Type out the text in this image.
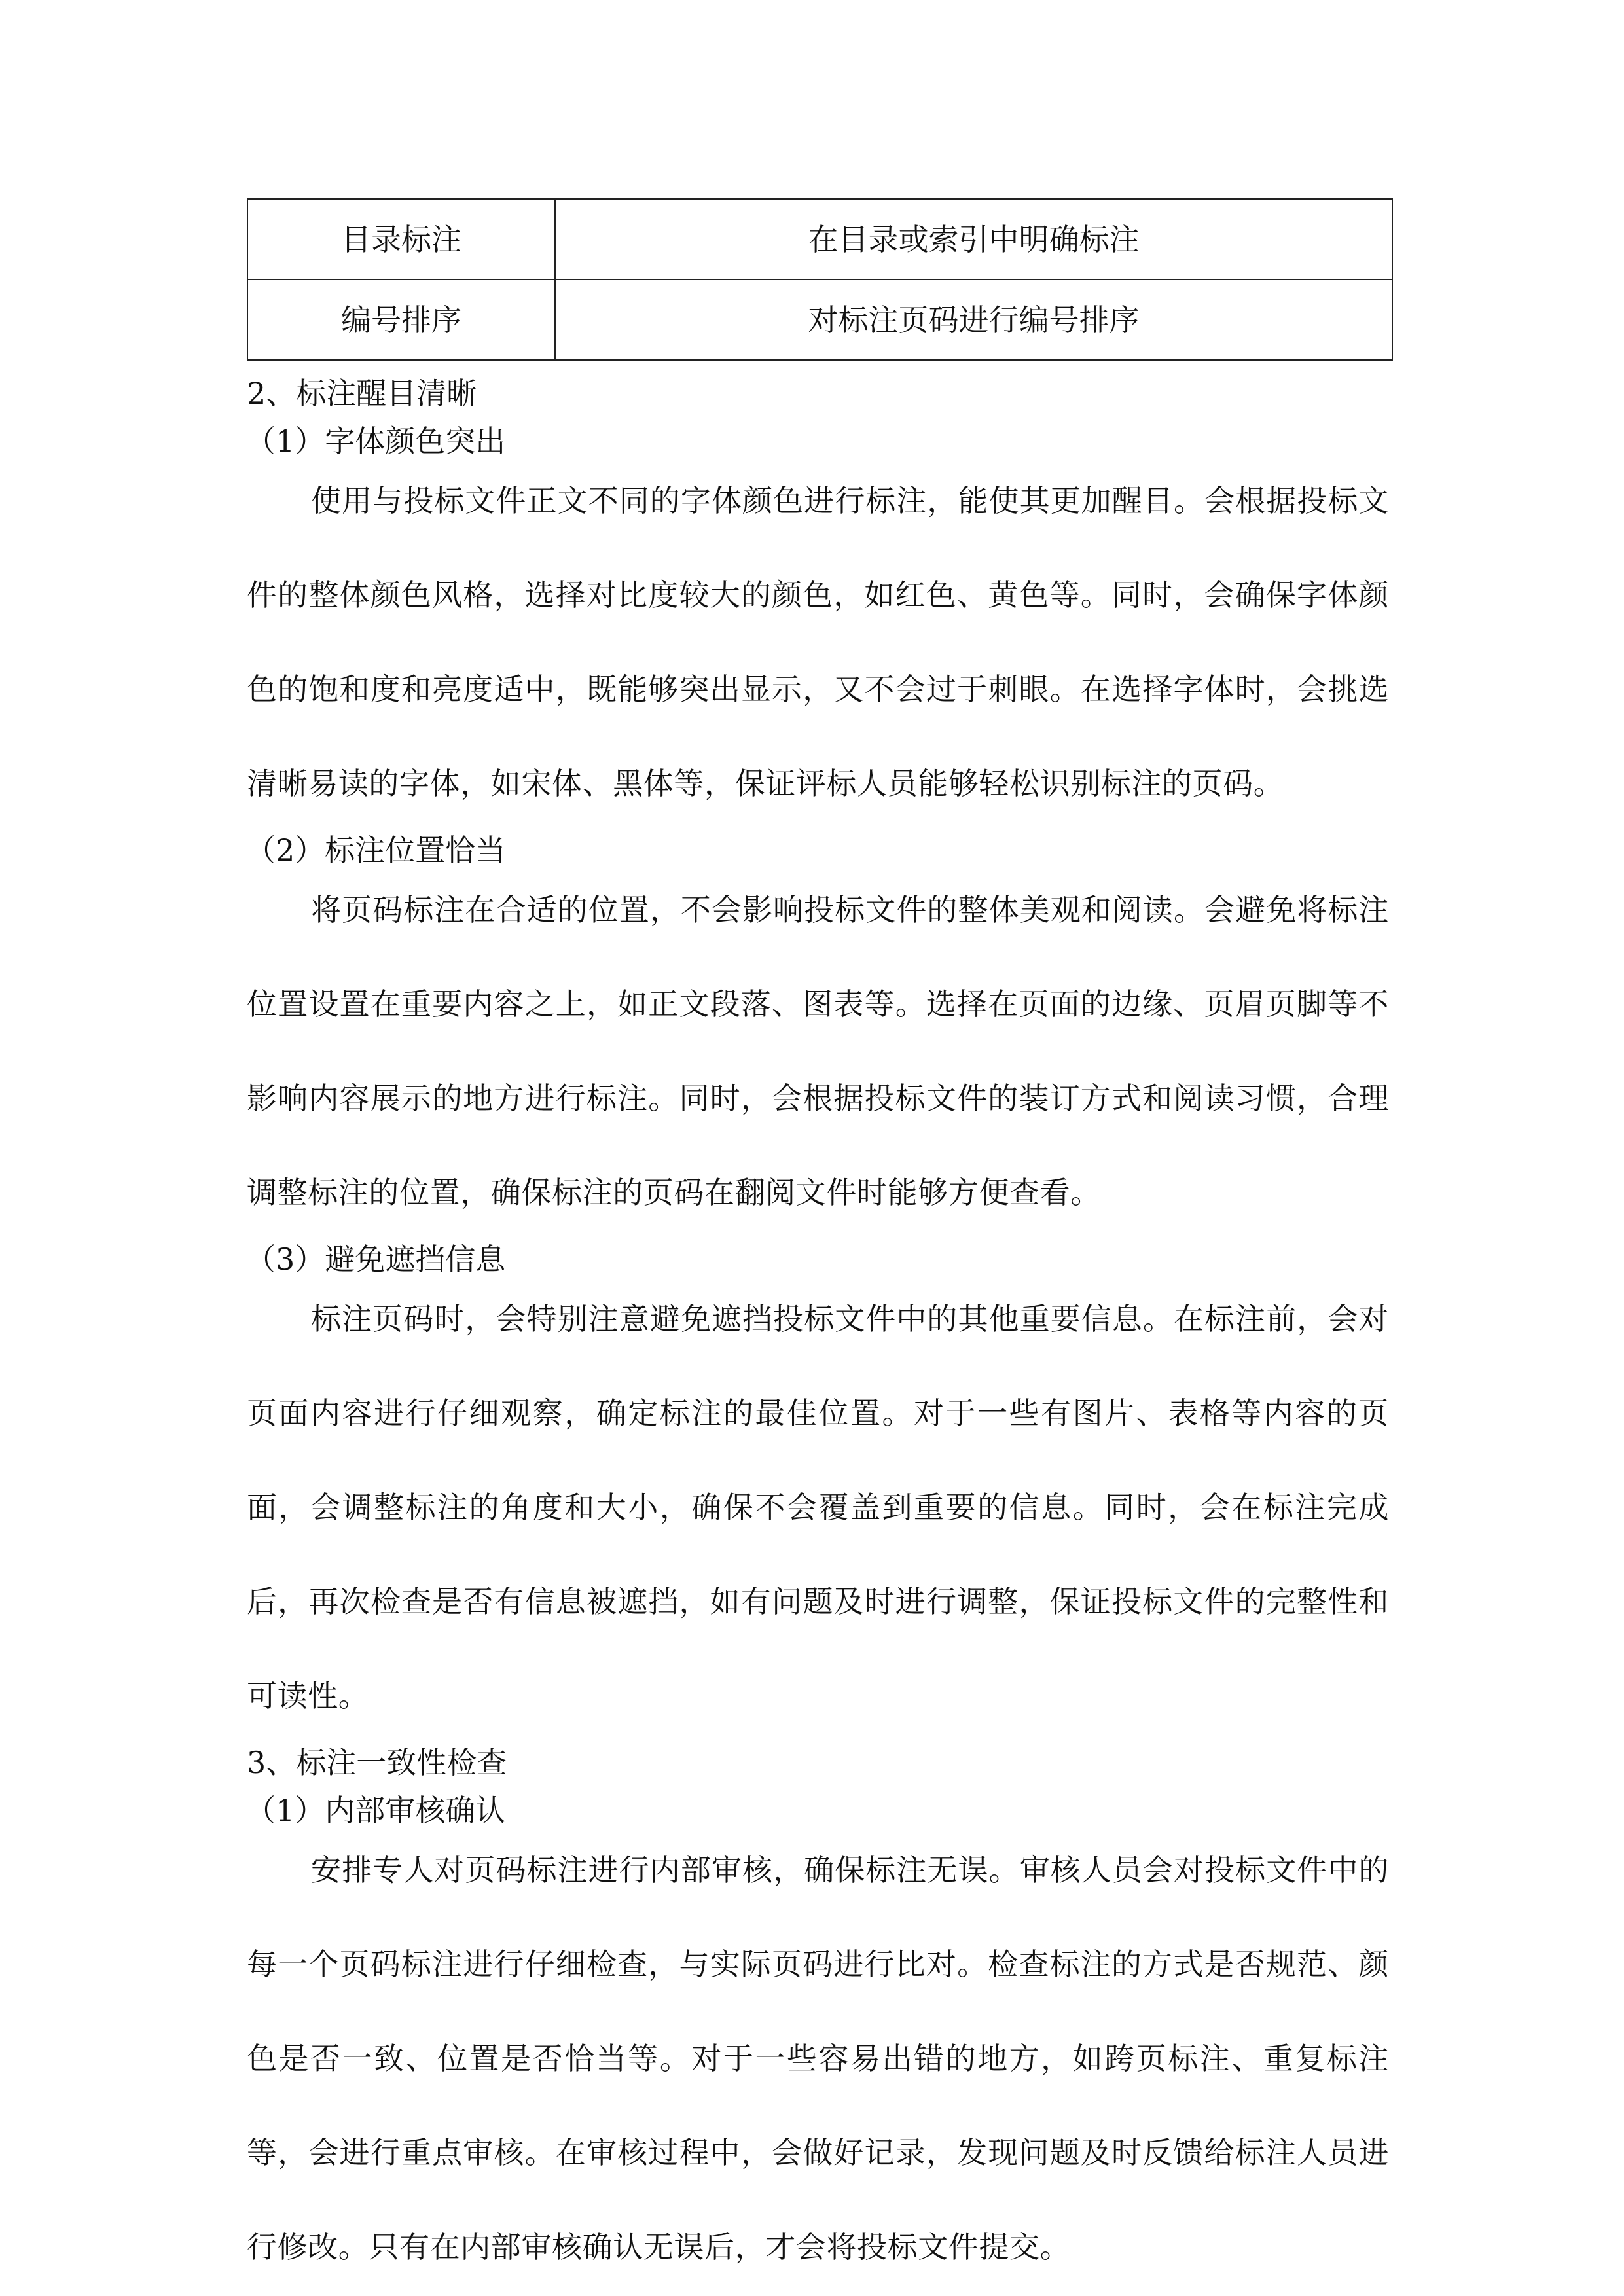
目录标注	在目录或索引中明确标注
编号排序	对标注页码进行编号排序

2、标注醒目清晰

（1）字体颜色突出

使用与投标文件正文不同的字体颜色进行标注，能使其更加醒目。会根据投标文件的整体颜色风格，选择对比度较大的颜色，如红色、黄色等。同时，会确保字体颜色的饱和度和亮度适中，既能够突出显示，又不会过于刺眼。在选择字体时，会挑选清晰易读的字体，如宋体、黑体等，保证评标人员能够轻松识别标注的页码。

（2）标注位置恰当

将页码标注在合适的位置，不会影响投标文件的整体美观和阅读。会避免将标注位置设置在重要内容之上，如正文段落、图表等。选择在页面的边缘、页眉页脚等不影响内容展示的地方进行标注。同时，会根据投标文件的装订方式和阅读习惯，合理调整标注的位置，确保标注的页码在翻阅文件时能够方便查看。

（3）避免遮挡信息

标注页码时，会特别注意避免遮挡投标文件中的其他重要信息。在标注前，会对页面内容进行仔细观察，确定标注的最佳位置。对于一些有图片、表格等内容的页面，会调整标注的角度和大小，确保不会覆盖到重要的信息。同时，会在标注完成后，再次检查是否有信息被遮挡，如有问题及时进行调整，保证投标文件的完整性和可读性。

3、标注一致性检查

（1）内部审核确认

安排专人对页码标注进行内部审核，确保标注无误。审核人员会对投标文件中的每一个页码标注进行仔细检查，与实际页码进行比对。检查标注的方式是否规范、颜色是否一致、位置是否恰当等。对于一些容易出错的地方，如跨页标注、重复标注等，会进行重点审核。在审核过程中，会做好记录，发现问题及时反馈给标注人员进行修改。只有在内部审核确认无误后，才会将投标文件提交。
